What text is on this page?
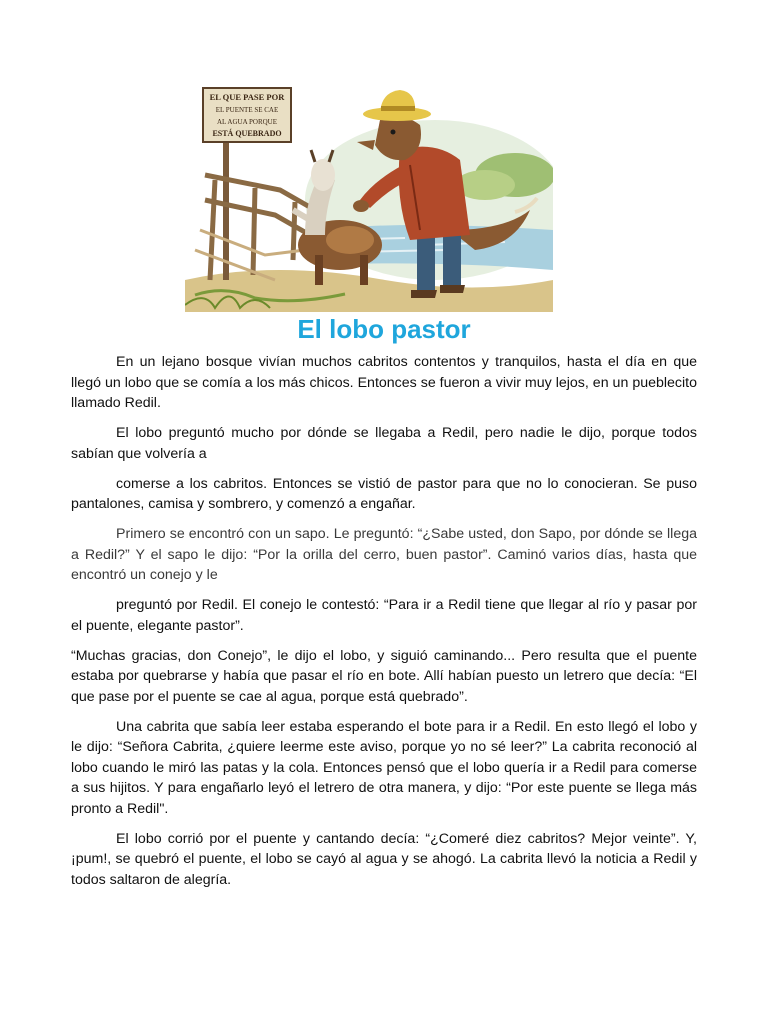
EL QUE PASE POR
EL PUENTE SE CAE
AL AGUA PORQUE
ESTÁ QUEBRADO
El lobo pastor

En un lejano bosque vivían muchos cabritos contentos y tranquilos, hasta el día en que llegó un lobo que se comía a los más chicos. Entonces se fueron a vivir muy lejos, en un pueblecito llamado Redil.

El lobo preguntó mucho por dónde se llegaba a Redil, pero nadie le dijo, porque todos sabían que volvería a

comerse a los cabritos. Entonces se vistió de pastor para que no lo conocieran. Se puso pantalones, camisa y sombrero, y comenzó a engañar.

Primero se encontró con un sapo. Le preguntó: “¿Sabe usted, don Sapo, por dónde se llega a Redil?” Y el sapo le dijo: “Por la orilla del cerro, buen pastor”. Caminó varios días, hasta que encontró un conejo y le

preguntó por Redil. El conejo le contestó: “Para ir a Redil tiene que llegar al río y pasar por el puente, elegante pastor”.

“Muchas gracias, don Conejo”, le dijo el lobo, y siguió caminando... Pero resulta que el puente estaba por quebrarse y había que pasar el río en bote. Allí habían puesto un letrero que decía: “El que pase por el puente se cae al agua, porque está quebrado”.

Una cabrita que sabía leer estaba esperando el bote para ir a Redil. En esto llegó el lobo y le dijo: “Señora Cabrita, ¿quiere leerme este aviso, porque yo no sé leer?” La cabrita reconoció al lobo cuando le miró las patas y la cola. Entonces pensó que el lobo quería ir a Redil para comerse a sus hijitos. Y para engañarlo leyó el letrero de otra manera, y dijo: “Por este puente se llega más pronto a Redil".

El lobo corrió por el puente y cantando decía: “¿Comeré diez cabritos? Mejor veinte”. Y, ¡pum!, se quebró el puente, el lobo se cayó al agua y se ahogó. La cabrita llevó la noticia a Redil y todos saltaron de alegría.
